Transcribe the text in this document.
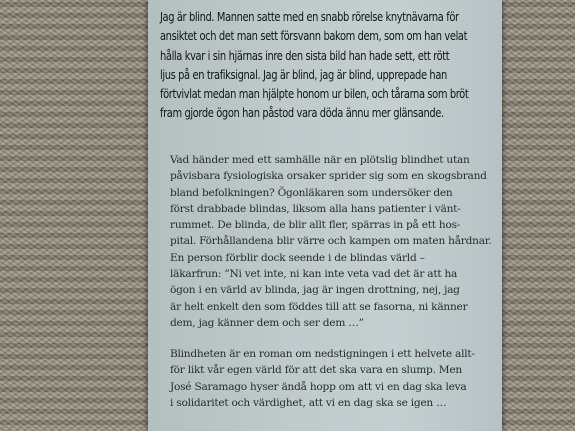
Jag är blind. Mannen satte med en snabb rörelse knytnävarna för
ansiktet och det man sett försvann bakom dem, som om han velat
hålla kvar i sin hjärnas inre den sista bild han hade sett, ett rött
ljus på en trafiksignal. Jag är blind, jag är blind, upprepade han
förtvivlat medan man hjälpte honom ur bilen, och tårarna som bröt
fram gjorde ögon han påstod vara döda ännu mer glänsande.

Vad händer med ett samhälle när en plötslig blindhet utan
påvisbara fysiologiska orsaker sprider sig som en skogsbrand
bland befolkningen? Ögonläkaren som undersöker den
först drabbade blindas, liksom alla hans patienter i vänt-
rummet. De blinda, de blir allt fler, spärras in på ett hos-
pital. Förhållandena blir värre och kampen om maten hårdnar.
En person förblir dock seende i de blindas värld –
läkarfrun: ”Ni vet inte, ni kan inte veta vad det är att ha
ögon i en värld av blinda, jag är ingen drottning, nej, jag
är helt enkelt den som föddes till att se fasorna, ni känner
dem, jag känner dem och ser dem …”

Blindheten är en roman om nedstigningen i ett helvete allt-
för likt vår egen värld för att det ska vara en slump. Men
José Saramago hyser ändå hopp om att vi en dag ska leva
i solidaritet och värdighet, att vi en dag ska se igen …
